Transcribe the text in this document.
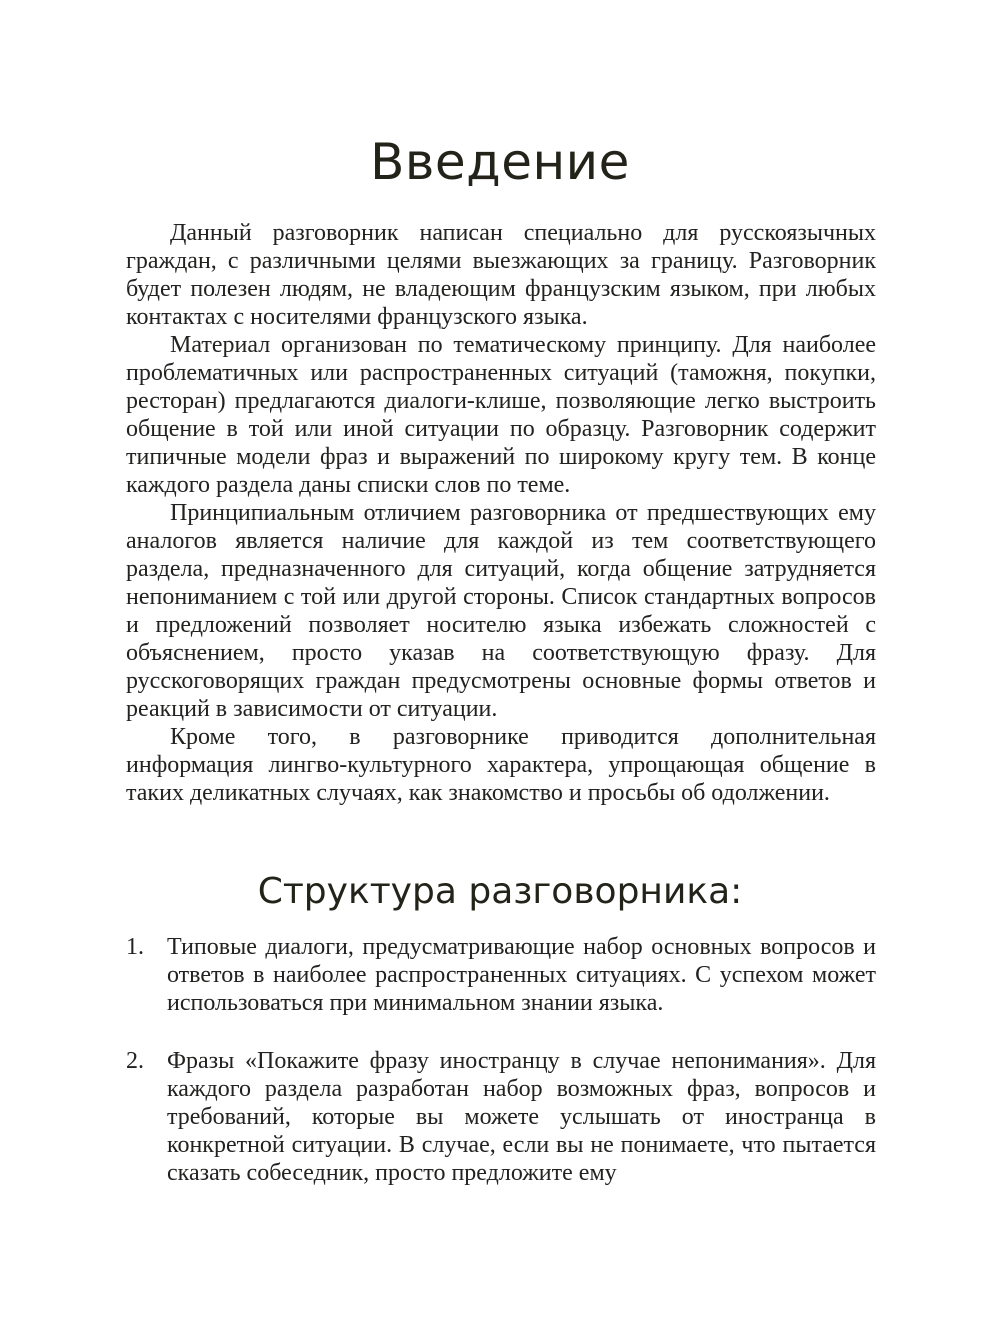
Введение

Данный разговорник написан специально для русскоязычных граждан, с различными целями выезжающих за границу. Разговорник будет полезен людям, не владеющим французским языком, при любых контактах с носителями французского языка.

Материал организован по тематическому принципу. Для наиболее проблематичных или распространенных ситуаций (таможня, покупки, ресторан) предлагаются диалоги-клише, позволяющие легко выстроить общение в той или иной ситуации по образцу. Разговорник содержит типичные модели фраз и выражений по широкому кругу тем. В конце каждого раздела даны списки слов по теме.

Принципиальным отличием разговорника от предшествующих ему аналогов является наличие для каждой из тем соответствующего раздела, предназначенного для ситуаций, когда общение затрудняется непониманием с той или другой стороны. Список стандартных вопросов и предложений позволяет носителю языка избежать сложностей с объяснением, просто указав на соответствующую фразу. Для русскоговорящих граждан предусмотрены основные формы ответов и реакций в зависимости от ситуации.

Кроме того, в разговорнике приводится дополнительная информация лингво-культурного характера, упрощающая общение в таких деликатных случаях, как знакомство и просьбы об одолжении.

Структура разговорника:
1. Типовые диалоги, предусматривающие набор основных вопросов и ответов в наиболее распространенных ситуациях. С успехом может использоваться при минимальном знании языка.
2. Фразы «Покажите фразу иностранцу в случае непонимания». Для каждого раздела разработан набор возможных фраз, вопросов и требований, которые вы можете услышать от иностранца в конкретной ситуации. В случае, если вы не понимаете, что пытается сказать собеседник, просто предложите ему
